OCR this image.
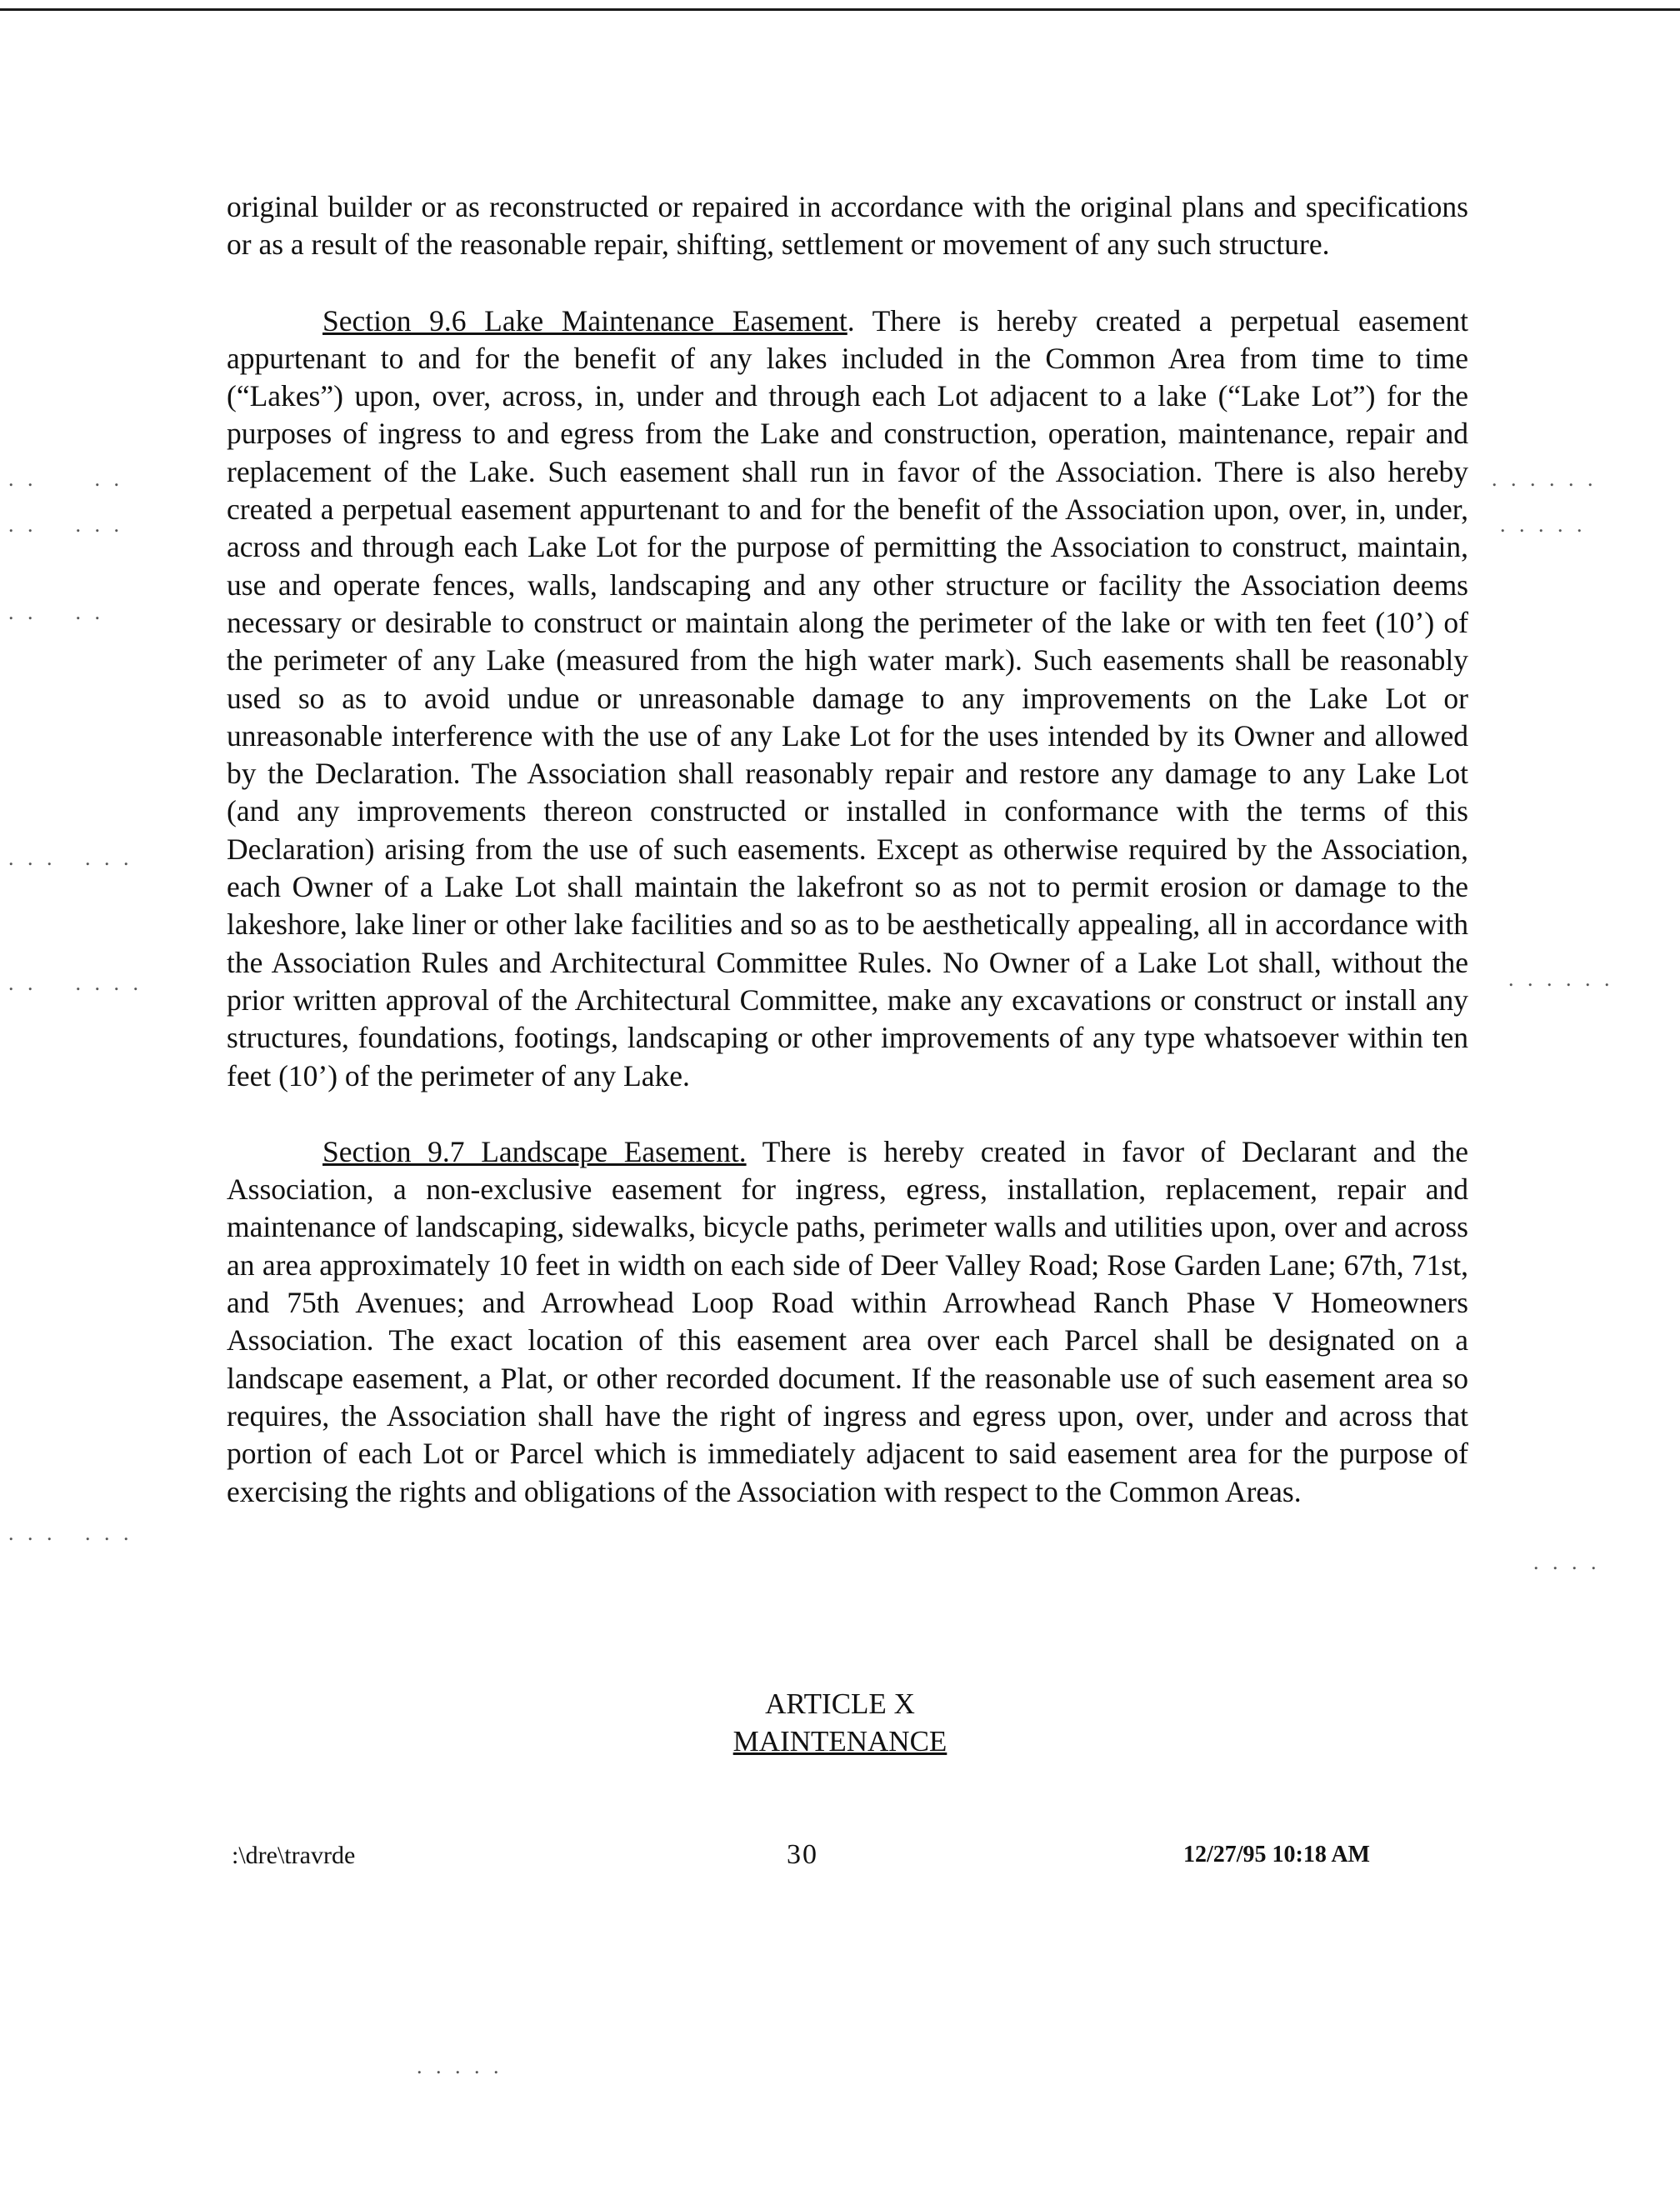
. .      . .
. .    . . .
. .    . .
. . .   . . .
. .    . . . .
. . .   . . .
. . . . . .
. . . . .
. . . . . .
. . . .
. . . . .

original builder or as reconstructed or repaired in accordance with the original plans and specifications or as a result of the reasonable repair, shifting, settlement or movement of any such structure.

Section 9.6 Lake Maintenance Easement. There is hereby created a perpetual easement appurtenant to and for the benefit of any lakes included in the Common Area from time to time (“Lakes”) upon, over, across, in, under and through each Lot adjacent to a lake (“Lake Lot”) for the purposes of ingress to and egress from the Lake and construction, operation, maintenance, repair and replacement of the Lake. Such easement shall run in favor of the Association. There is also hereby created a perpetual easement appurtenant to and for the benefit of the Association upon, over, in, under, across and through each Lake Lot for the purpose of permitting the Association to construct, maintain, use and operate fences, walls, landscaping and any other structure or facility the Association deems necessary or desirable to construct or maintain along the perimeter of the lake or with ten feet (10’) of the perimeter of any Lake (measured from the high water mark). Such easements shall be reasonably used so as to avoid undue or unreasonable damage to any improvements on the Lake Lot or unreasonable interference with the use of any Lake Lot for the uses intended by its Owner and allowed by the Declaration. The Association shall reasonably repair and restore any damage to any Lake Lot (and any improvements thereon constructed or installed in conformance with the terms of this Declaration) arising from the use of such easements. Except as otherwise required by the Association, each Owner of a Lake Lot shall maintain the lakefront so as not to permit erosion or damage to the lakeshore, lake liner or other lake facilities and so as to be aesthetically appealing, all in accordance with the Association Rules and Architectural Committee Rules. No Owner of a Lake Lot shall, without the prior written approval of the Architectural Committee, make any excavations or construct or install any structures, foundations, footings, landscaping or other improvements of any type whatsoever within ten feet (10’) of the perimeter of any Lake.

Section 9.7 Landscape Easement. There is hereby created in favor of Declarant and the Association, a non-exclusive easement for ingress, egress, installation, replacement, repair and maintenance of landscaping, sidewalks, bicycle paths, perimeter walls and utilities upon, over and across an area approximately 10 feet in width on each side of Deer Valley Road; Rose Garden Lane; 67th, 71st, and 75th Avenues; and Arrowhead Loop Road within Arrowhead Ranch Phase V Homeowners Association. The exact location of this easement area over each Parcel shall be designated on a landscape easement, a Plat, or other recorded document. If the reasonable use of such easement area so requires, the Association shall have the right of ingress and egress upon, over, under and across that portion of each Lot or Parcel which is immediately adjacent to said easement area for the purpose of exercising the rights and obligations of the Association with respect to the Common Areas.

ARTICLE X
MAINTENANCE
:\dre\travrde	30	12/27/95 10:18 AM
